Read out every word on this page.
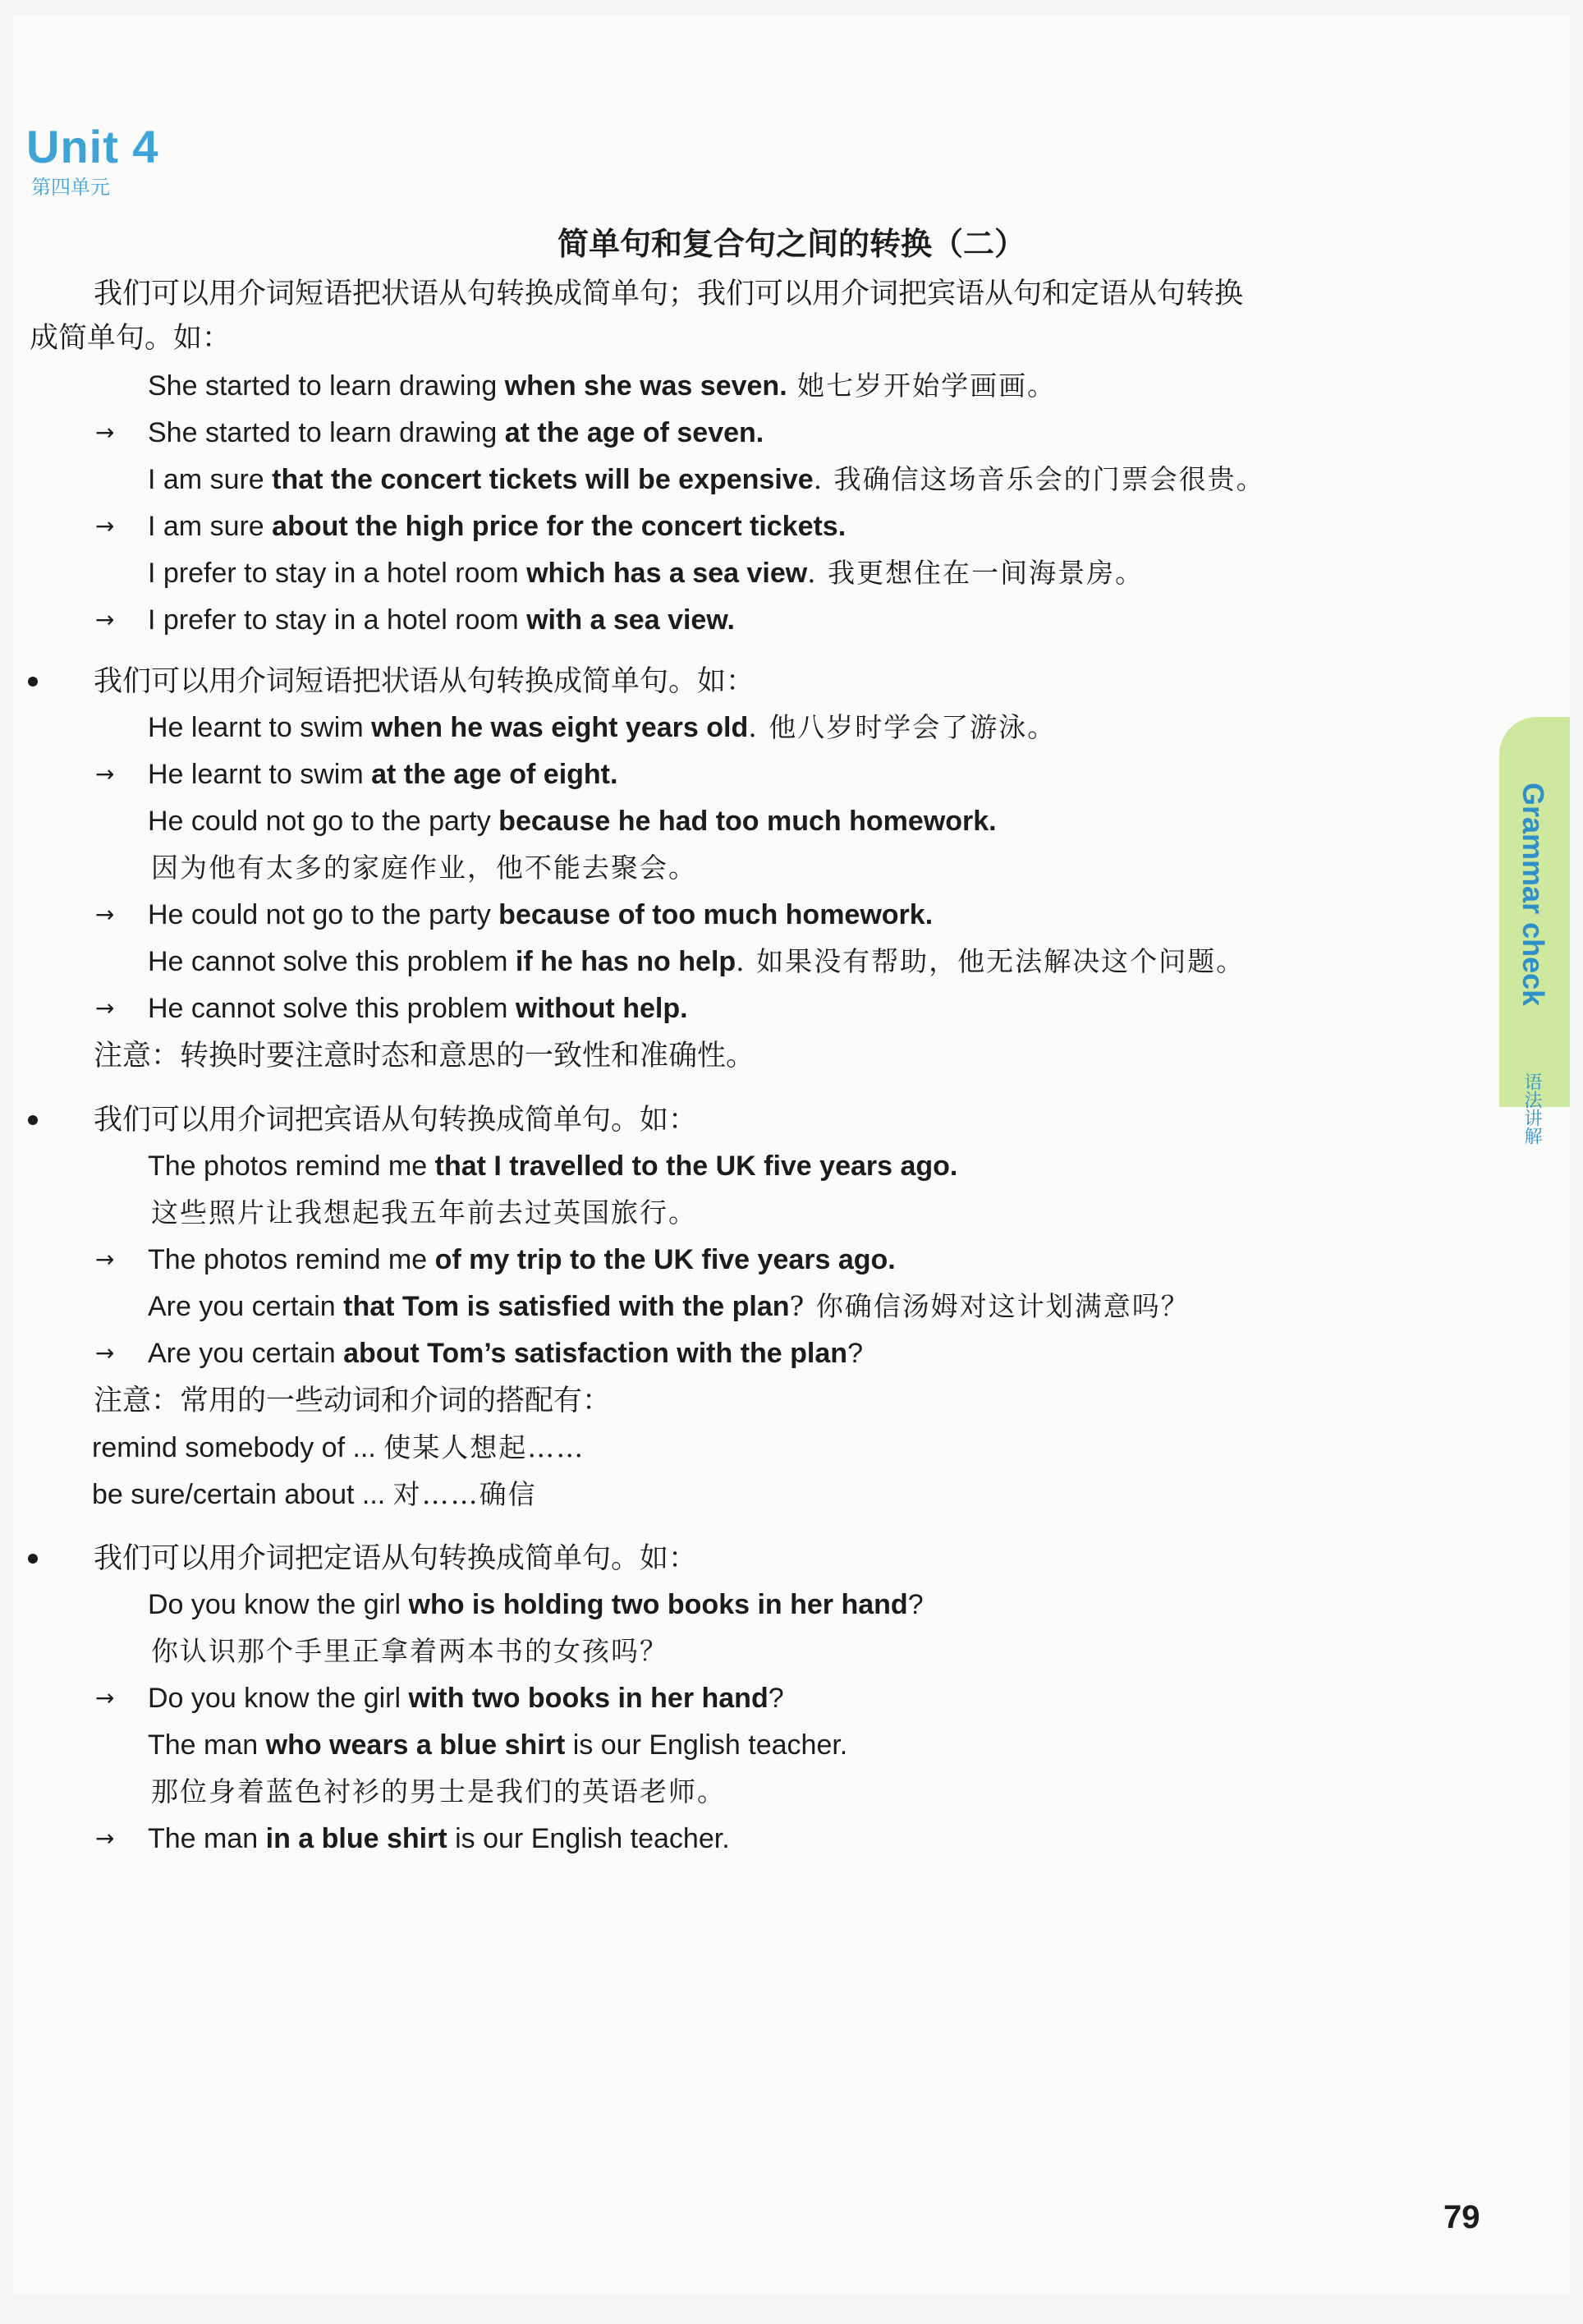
Unit 4
第四单元
简单句和复合句之间的转换（二）
Grammar check
语法讲解
我们可以用介词短语把状语从句转换成简单句；我们可以用介词把宾语从句和定语从句转换
成简单句。如：
She started to learn drawing when she was seven. 她七岁开始学画画。
→ She started to learn drawing at the age of seven.
I am sure that the concert tickets will be expensive. 我确信这场音乐会的门票会很贵。
→ I am sure about the high price for the concert tickets.
I prefer to stay in a hotel room which has a sea view. 我更想住在一间海景房。
→ I prefer to stay in a hotel room with a sea view.
我们可以用介词短语把状语从句转换成简单句。如：
He learnt to swim when he was eight years old. 他八岁时学会了游泳。
→ He learnt to swim at the age of eight.
He could not go to the party because he had too much homework.
因为他有太多的家庭作业，他不能去聚会。
→ He could not go to the party because of too much homework.
He cannot solve this problem if he has no help. 如果没有帮助，他无法解决这个问题。
→ He cannot solve this problem without help.
注意：转换时要注意时态和意思的一致性和准确性。
我们可以用介词把宾语从句转换成简单句。如：
The photos remind me that I travelled to the UK five years ago.
这些照片让我想起我五年前去过英国旅行。
→ The photos remind me of my trip to the UK five years ago.
Are you certain that Tom is satisfied with the plan? 你确信汤姆对这计划满意吗？
→ Are you certain about Tom’s satisfaction with the plan?
注意：常用的一些动词和介词的搭配有：
remind somebody of ... 使某人想起……
be sure/certain about ... 对……确信
我们可以用介词把定语从句转换成简单句。如：
Do you know the girl who is holding two books in her hand?
你认识那个手里正拿着两本书的女孩吗？
→ Do you know the girl with two books in her hand?
The man who wears a blue shirt is our English teacher.
那位身着蓝色衬衫的男士是我们的英语老师。
→ The man in a blue shirt is our English teacher.
79
